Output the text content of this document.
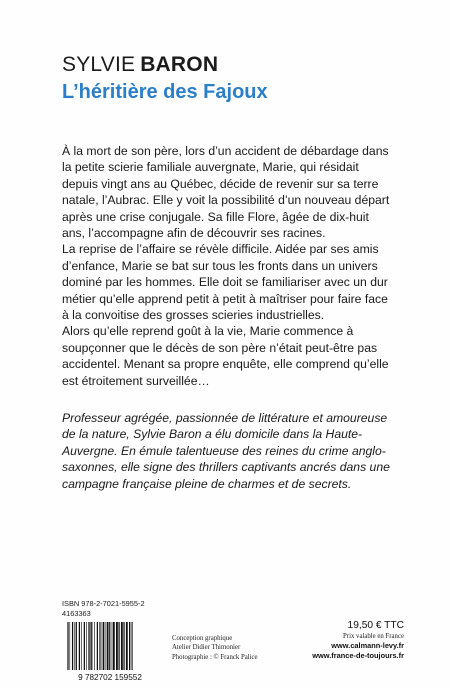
SYLVIE BARON
L’héritière des Fajoux

À la mort de son père, lors d’un accident de débardage dans la petite scierie familiale auvergnate, Marie, qui résidait depuis vingt ans au Québec, décide de revenir sur sa terre natale, l’Aubrac. Elle y voit la possibilité d’un nouveau départ après une crise conjugale. Sa fille Flore, âgée de dix-huit ans, l’accompagne afin de découvrir ses racines.

La reprise de l’affaire se révèle difficile. Aidée par ses amis d’enfance, Marie se bat sur tous les fronts dans un univers dominé par les hommes. Elle doit se familiariser avec un dur métier qu’elle apprend petit à petit à maîtriser pour faire face à la convoitise des grosses scieries industrielles.

Alors qu’elle reprend goût à la vie, Marie commence à soupçonner que le décès de son père n’était peut-être pas accidentel. Menant sa propre enquête, elle comprend qu’elle est étroitement surveillée…

Professeur agrégée, passionnée de littérature et amoureuse de la nature, Sylvie Baron a élu domicile dans la Haute-Auvergne. En émule talentueuse des reines du crime anglo-saxonnes, elle signe des thrillers captivants ancrés dans une campagne française pleine de charmes et de secrets.

ISBN 978-2-7021-5955-2
4163363
9 782702 159552
Conception graphique
Atelier Didier Thimonier
Photographie : © Franck Palice
19,50 € TTC
Prix valable en France
www.calmann-levy.fr
www.france-de-toujours.fr
